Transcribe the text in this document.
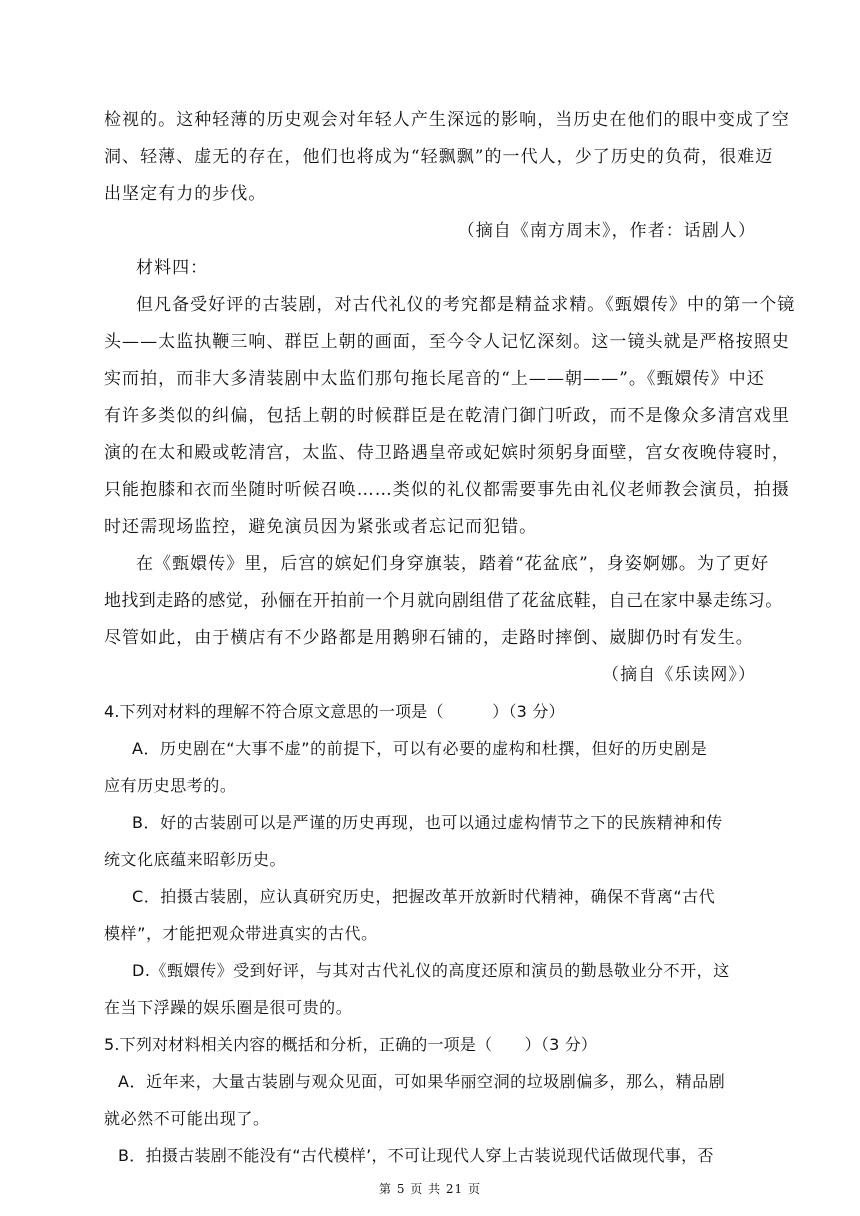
检视的。这种轻薄的历史观会对年轻人产生深远的影响，当历史在他们的眼中变成了空
洞、轻薄、虚无的存在，他们也将成为“轻飘飘”的一代人，少了历史的负荷，很难迈
出坚定有力的步伐。
（摘自《南方周末》，作者：话剧人）
材料四：
但凡备受好评的古装剧，对古代礼仪的考究都是精益求精。《甄嬛传》中的第一个镜
头——太监执鞭三响、群臣上朝的画面，至今令人记忆深刻。这一镜头就是严格按照史
实而拍，而非大多清装剧中太监们那句拖长尾音的“上——朝——”。《甄嬛传》中还
有许多类似的纠偏，包括上朝的时候群臣是在乾清门御门听政，而不是像众多清宫戏里
演的在太和殿或乾清宫，太监、侍卫路遇皇帝或妃嫔时须躬身面壁，宫女夜晚侍寝时，
只能抱膝和衣而坐随时听候召唤……类似的礼仪都需要事先由礼仪老师教会演员，拍摄
时还需现场监控，避免演员因为紧张或者忘记而犯错。
在《甄嬛传》里，后宫的嫔妃们身穿旗装，踏着“花盆底”，身姿婀娜。为了更好
地找到走路的感觉，孙俪在开拍前一个月就向剧组借了花盆底鞋，自己在家中暴走练习。
尽管如此，由于横店有不少路都是用鹅卵石铺的，走路时摔倒、崴脚仍时有发生。
（摘自《乐读网》）
4.下列对材料的理解不符合原文意思的一项是（　　　）（3 分）
A．历史剧在“大事不虚”的前提下，可以有必要的虚构和杜撰，但好的历史剧是
应有历史思考的。
B．好的古装剧可以是严谨的历史再现，也可以通过虚构情节之下的民族精神和传
统文化底蕴来昭彰历史。
C．拍摄古装剧，应认真研究历史，把握改革开放新时代精神，确保不背离“古代
模样”，才能把观众带进真实的古代。
D.《甄嬛传》受到好评，与其对古代礼仪的高度还原和演员的勤恳敬业分不开，这
在当下浮躁的娱乐圈是很可贵的。
5.下列对材料相关内容的概括和分析，正确的一项是（　　）（3 分）
A．近年来，大量古装剧与观众见面，可如果华丽空洞的垃圾剧偏多，那么，精品剧
就必然不可能出现了。
B．拍摄古装剧不能没有“古代模样’，不可让现代人穿上古装说现代话做现代事，否
第 5 页 共 21 页
